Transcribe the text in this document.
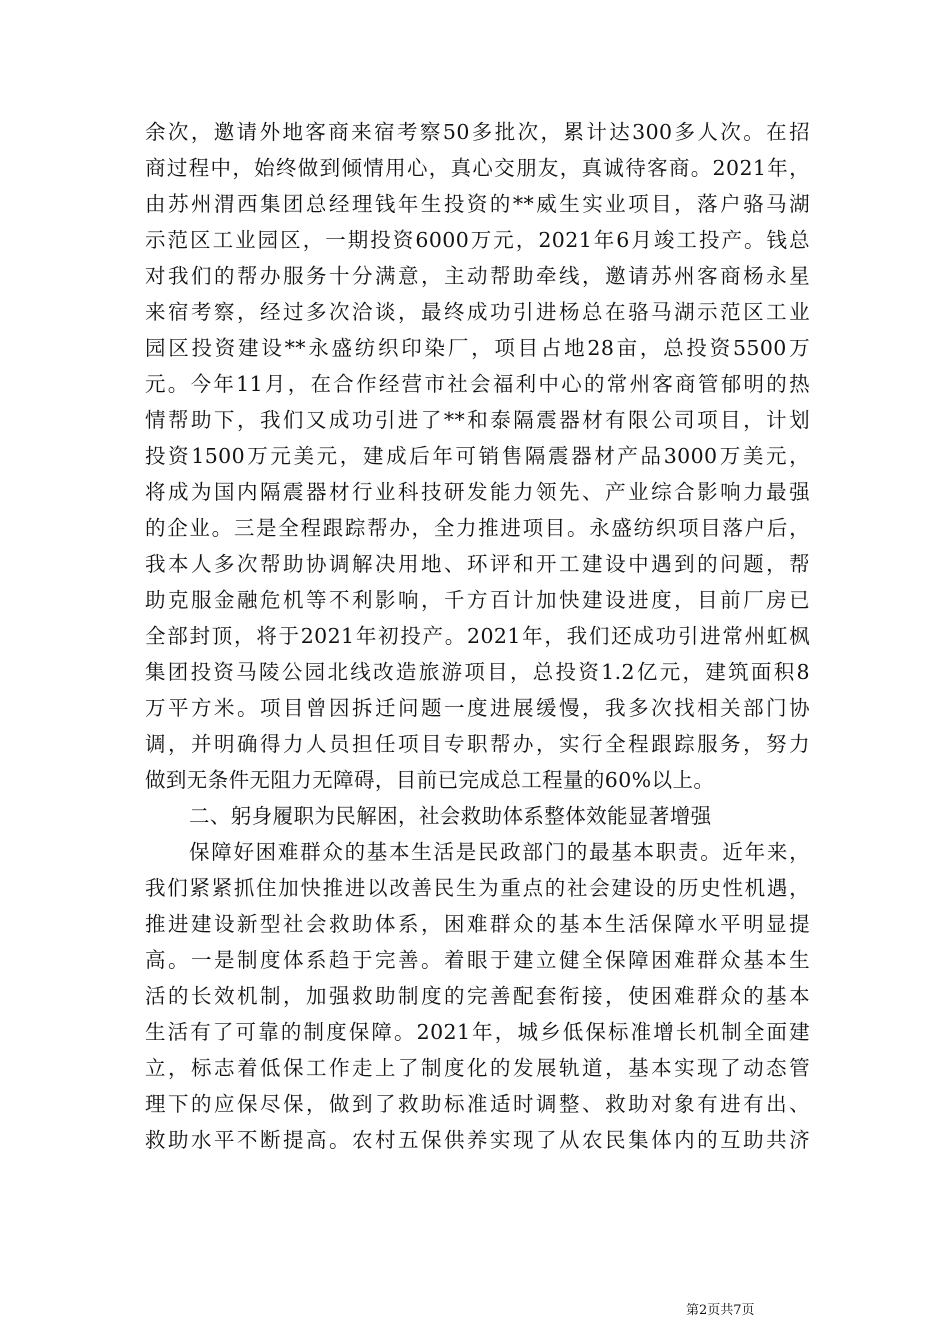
余次，邀请外地客商来宿考察50多批次，累计达300多人次。在招
商过程中，始终做到倾情用心，真心交朋友，真诚待客商。2021年，
由苏州渭西集团总经理钱年生投资的**威生实业项目，落户骆马湖
示范区工业园区，一期投资6000万元，2021年6月竣工投产。钱总
对我们的帮办服务十分满意，主动帮助牵线，邀请苏州客商杨永星
来宿考察，经过多次洽谈，最终成功引进杨总在骆马湖示范区工业
园区投资建设**永盛纺织印染厂，项目占地28亩，总投资5500万
元。今年11月，在合作经营市社会福利中心的常州客商管郁明的热
情帮助下，我们又成功引进了**和泰隔震器材有限公司项目，计划
投资1500万元美元，建成后年可销售隔震器材产品3000万美元，
将成为国内隔震器材行业科技研发能力领先、产业综合影响力最强
的企业。三是全程跟踪帮办，全力推进项目。永盛纺织项目落户后，
我本人多次帮助协调解决用地、环评和开工建设中遇到的问题，帮
助克服金融危机等不利影响，千方百计加快建设进度，目前厂房已
全部封顶，将于2021年初投产。2021年，我们还成功引进常州虹枫
集团投资马陵公园北线改造旅游项目，总投资1.2亿元，建筑面积8
万平方米。项目曾因拆迁问题一度进展缓慢，我多次找相关部门协
调，并明确得力人员担任项目专职帮办，实行全程跟踪服务，努力
做到无条件无阻力无障碍，目前已完成总工程量的60%以上。
二、躬身履职为民解困，社会救助体系整体效能显著增强
保障好困难群众的基本生活是民政部门的最基本职责。近年来，
我们紧紧抓住加快推进以改善民生为重点的社会建设的历史性机遇，
推进建设新型社会救助体系，困难群众的基本生活保障水平明显提
高。一是制度体系趋于完善。着眼于建立健全保障困难群众基本生
活的长效机制，加强救助制度的完善配套衔接，使困难群众的基本
生活有了可靠的制度保障。2021年，城乡低保标准增长机制全面建
立，标志着低保工作走上了制度化的发展轨道，基本实现了动态管
理下的应保尽保，做到了救助标准适时调整、救助对象有进有出、
救助水平不断提高。农村五保供养实现了从农民集体内的互助共济
第2页共7页
